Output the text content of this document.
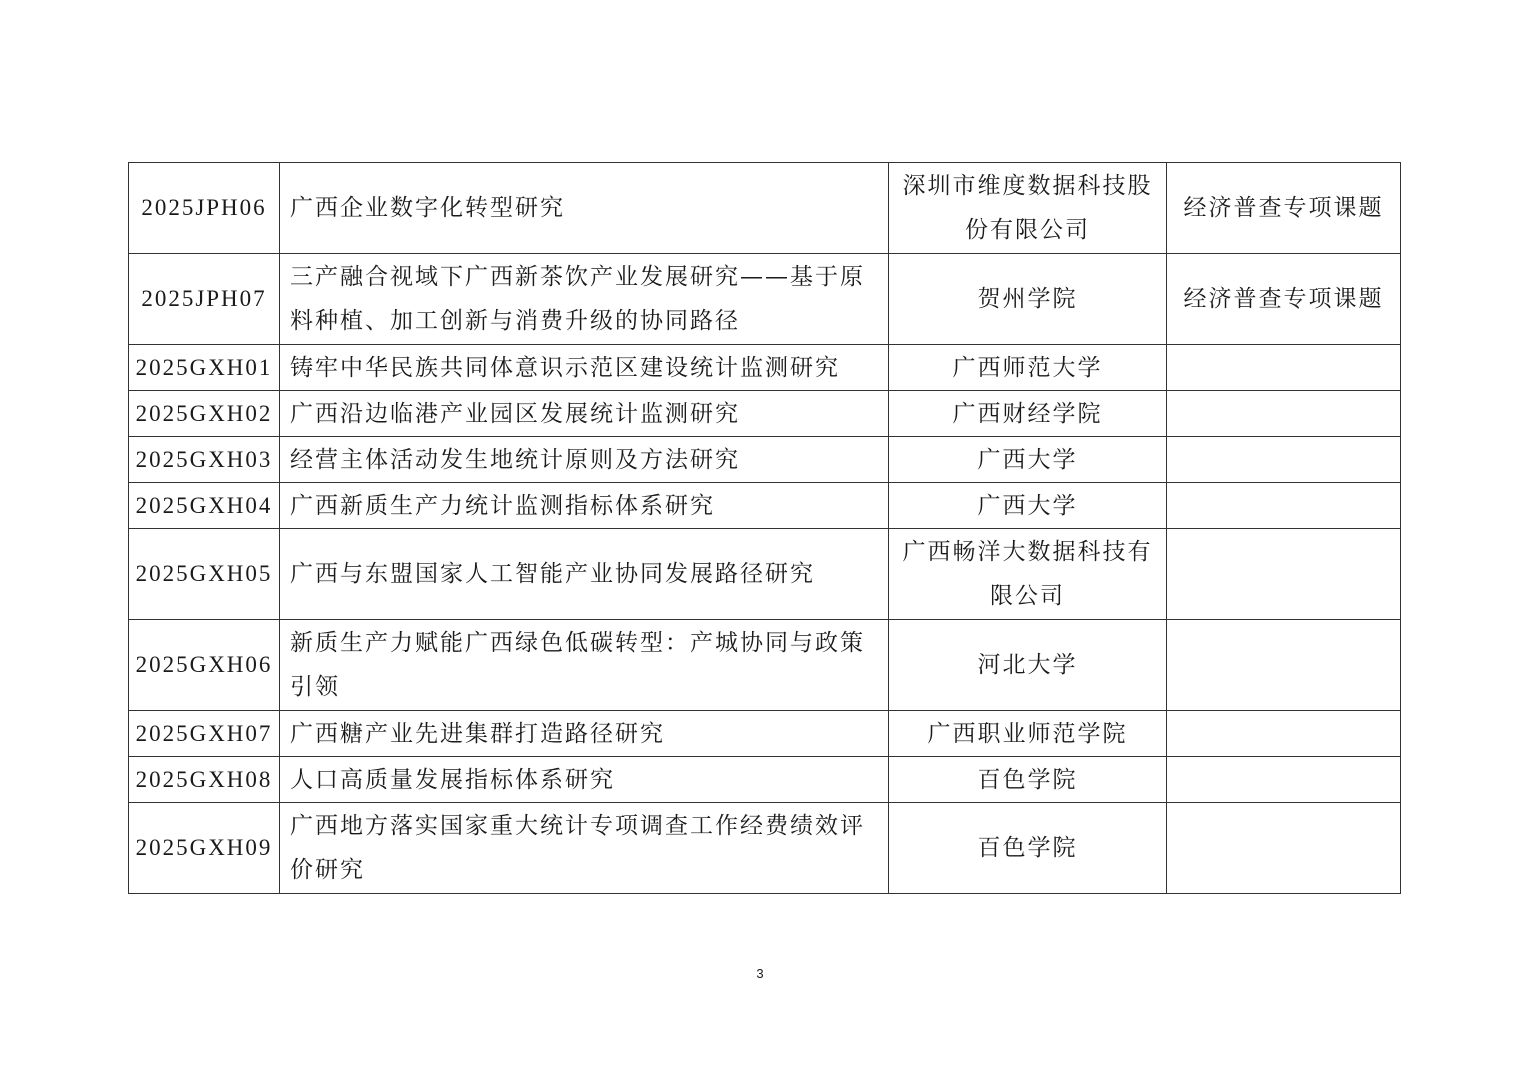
2025JPH06	广西企业数字化转型研究	深圳市维度数据科技股份有限公司	经济普查专项课题
2025JPH07	三产融合视域下广西新茶饮产业发展研究——基于原料种植、加工创新与消费升级的协同路径	贺州学院	经济普查专项课题
2025GXH01	铸牢中华民族共同体意识示范区建设统计监测研究	广西师范大学	
2025GXH02	广西沿边临港产业园区发展统计监测研究	广西财经学院	
2025GXH03	经营主体活动发生地统计原则及方法研究	广西大学	
2025GXH04	广西新质生产力统计监测指标体系研究	广西大学	
2025GXH05	广西与东盟国家人工智能产业协同发展路径研究	广西畅洋大数据科技有限公司	
2025GXH06	新质生产力赋能广西绿色低碳转型：产城协同与政策引领	河北大学	
2025GXH07	广西糖产业先进集群打造路径研究	广西职业师范学院	
2025GXH08	人口高质量发展指标体系研究	百色学院	
2025GXH09	广西地方落实国家重大统计专项调查工作经费绩效评价研究	百色学院	
3
